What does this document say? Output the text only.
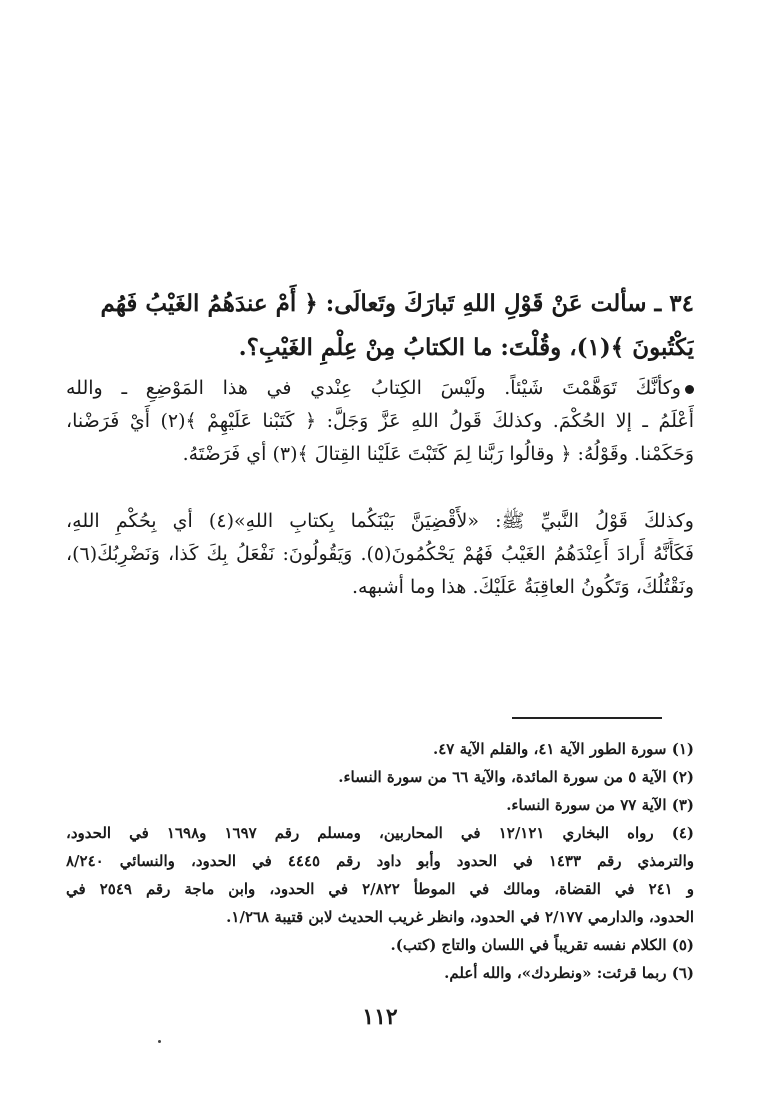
٣٤ ـ سألت عَنْ قَوْلِ اللهِ تَبارَكَ وتَعالَى: ﴿ أَمْ عندَهُمُ الغَيْبُ فَهُم
يَكْتُبونَ ﴾(١)، وقُلْتَ: ما الكتابُ مِنْ عِلْمِ الغَيْبِ؟.
وكأنَّكَ تَوَهَّمْتَ شَيْئاً. ولَيْسَ الكِتابُ عِنْدي في هذا المَوْضِعِ ـ والله
أَعْلَمُ ـ إلا الحُكْمَ. وكذلكَ قَولُ اللهِ عَزَّ وَجَلَّ: ﴿ كَتَبْنا عَلَيْهِمْ ﴾(٢) أَيْ فَرَضْنا،
وَحَكَمْنا. وقَوْلُهُ: ﴿ وقالُوا رَبَّنا لِمَ كَتَبْتَ عَلَيْنا القِتالَ ﴾(٣) أي فَرَضْتَهُ.
وكذلكَ قَوْلُ النَّبيِّ ﷺ: «لأَقْضِيَنَّ بَيْنَكُما بِكتابِ اللهِ»(٤) أي بِحُكْمِ اللهِ،
فَكَأَنَّهُ أَرادَ أَعِنْدَهُمُ الغَيْبُ فَهُمْ يَحْكُمُونَ(٥). وَيَقُولُونَ: نَفْعَلُ بِكَ كَذا، وَنَضْرِبُكَ(٦)،
ونَقْتُلُكَ، وَتَكُونُ العاقِبَةُ عَلَيْكَ. هذا وما أشبهه.
(١) سورة الطور الآية ٤١، والقلم الآية ٤٧.
(٢) الآية ٥ من سورة المائدة، والآية ٦٦ من سورة النساء.
(٣) الآية ٧٧ من سورة النساء.
(٤) رواه البخاري ١٢/١٢١ في المحاربين، ومسلم رقم ١٦٩٧ و١٦٩٨ في الحدود،
والترمذي رقم ١٤٣٣ في الحدود وأبو داود رقم ٤٤٤٥ في الحدود، والنسائي ٨/٢٤٠
و ٢٤١ في القضاة، ومالك في الموطأ ٢/٨٢٢ في الحدود، وابن ماجة رقم ٢٥٤٩ في
الحدود، والدارمي ٢/١٧٧ في الحدود، وانظر غريب الحديث لابن قتيبة ١/٢٦٨.
(٥) الكلام نفسه تقريباً في اللسان والتاج (كتب).
(٦) ربما قرئت: «ونطردك»، والله أعلم.
١١٢
